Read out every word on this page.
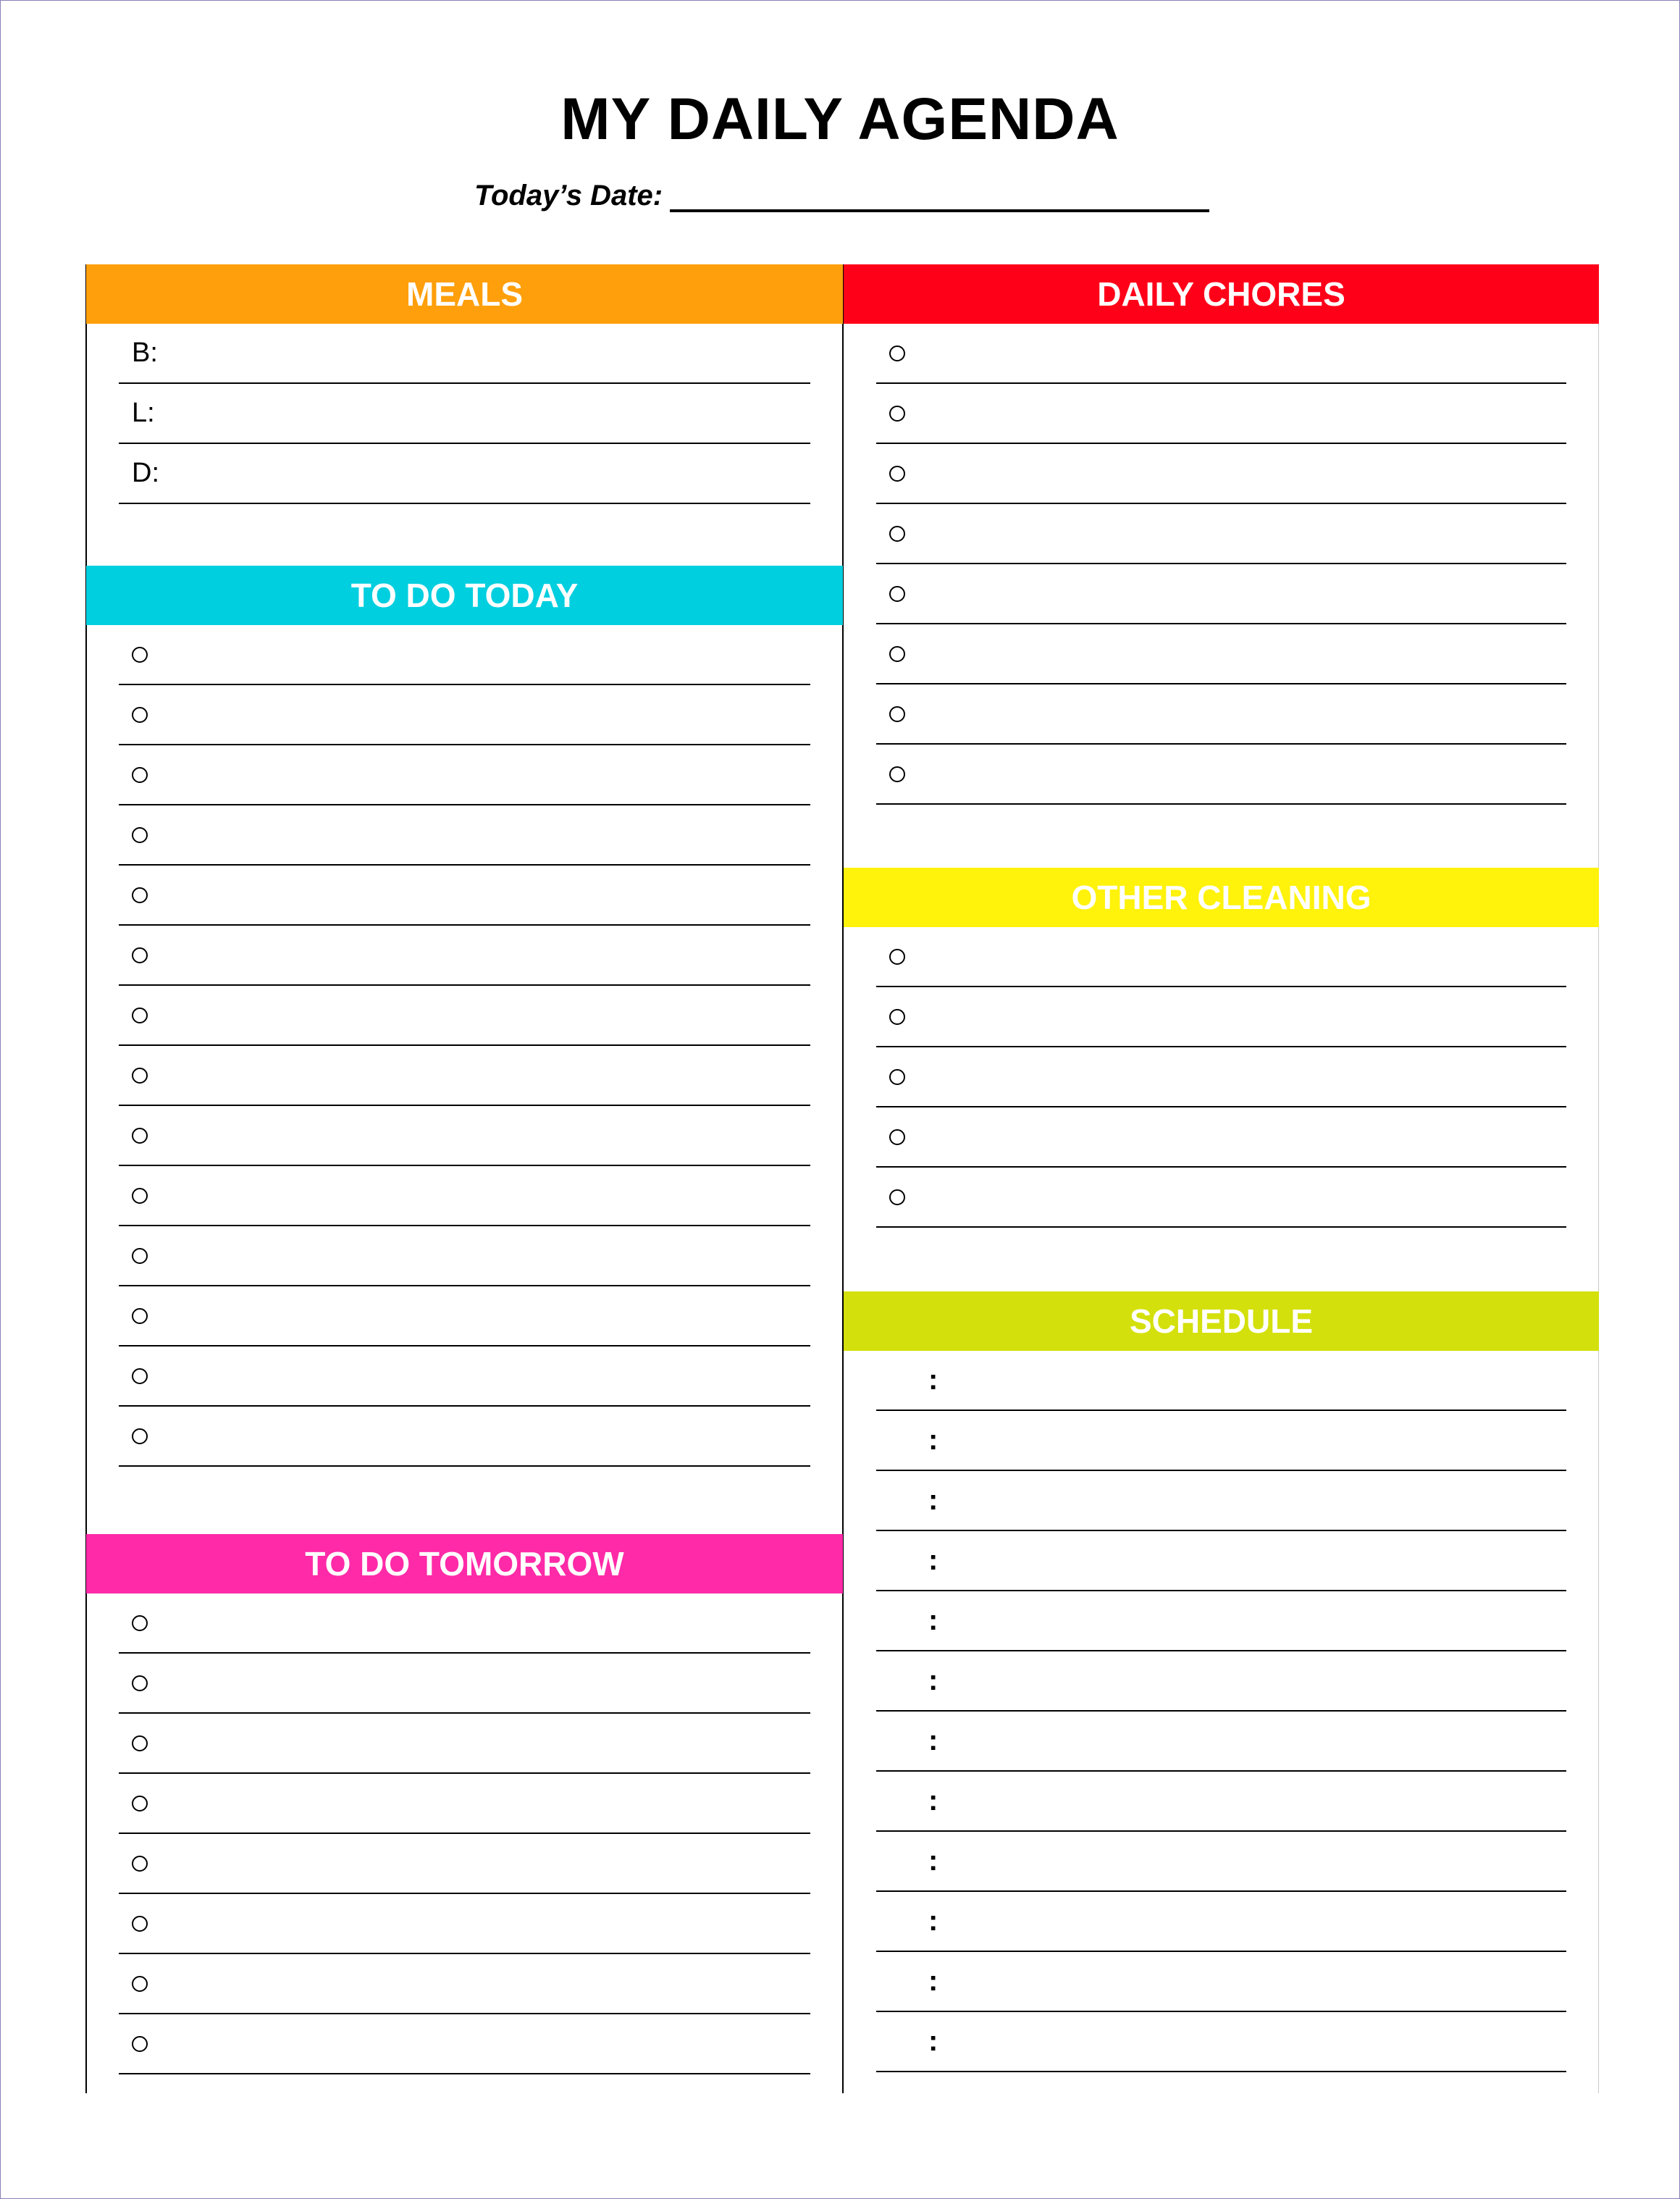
MY DAILY AGENDA
Today’s Date:
MEALS
B:
L:
D:
TO DO TODAY
TO DO TOMORROW
DAILY CHORES
OTHER CLEANING
SCHEDULE
:
:
:
:
:
:
:
:
:
:
:
:
